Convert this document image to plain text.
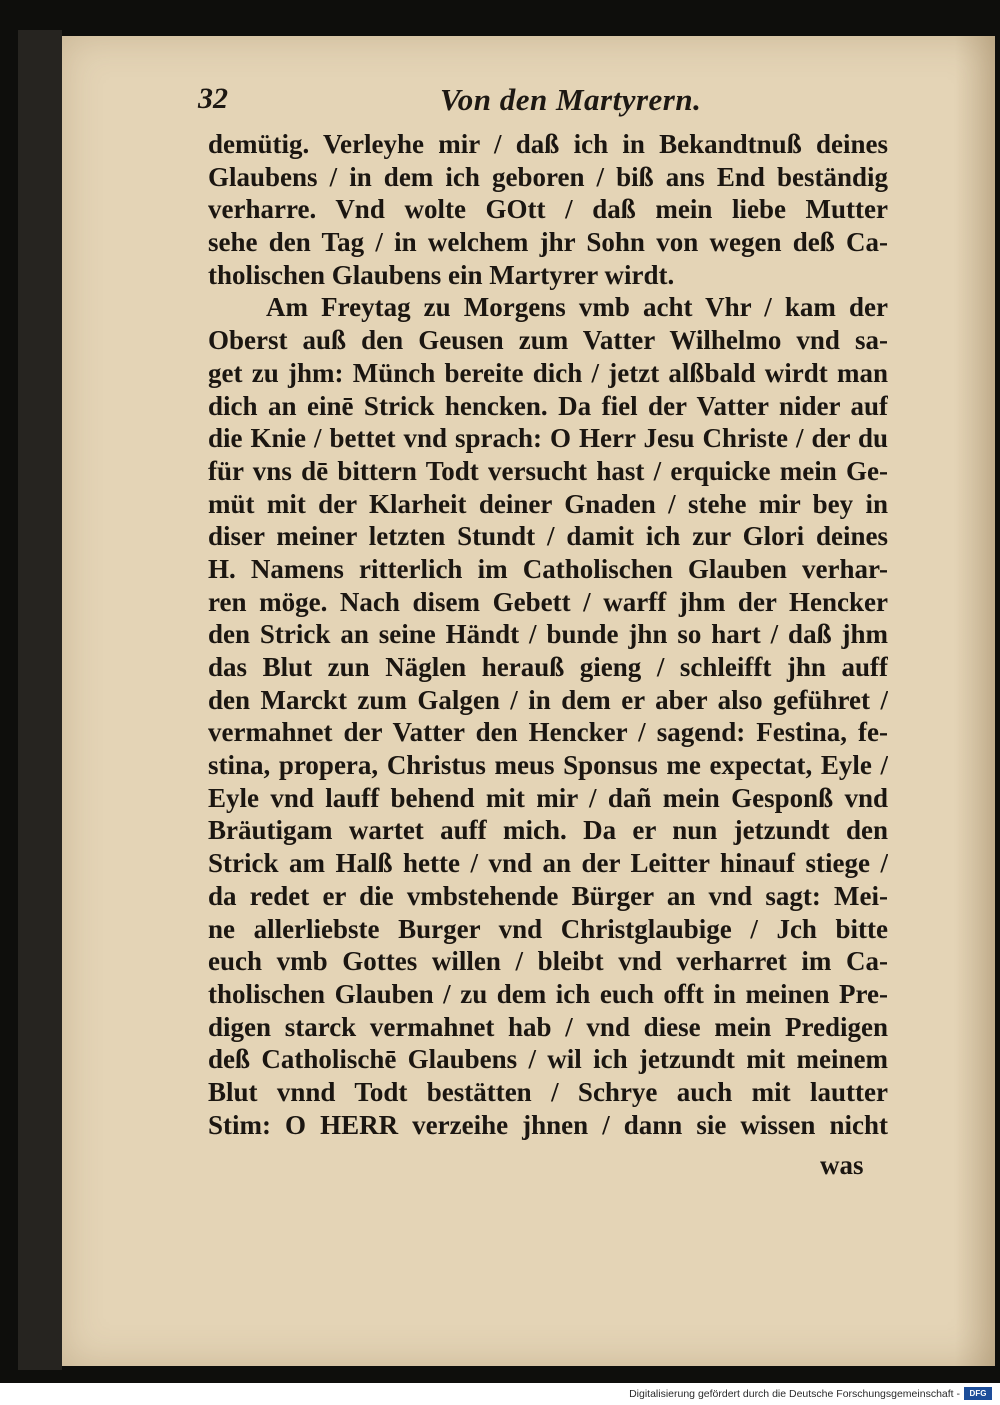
32	Von den Martyrern.
demütig. Verleyhe mir / daß ich in Bekandtnuß deines
Glaubens / in dem ich geboren / biß ans End beständig
verharre. Vnd wolte GOtt / daß mein liebe Mutter
sehe den Tag / in welchem jhr Sohn von wegen deß Ca-
tholischen Glaubens ein Martyrer wirdt.
Am Freytag zu Morgens vmb acht Vhr / kam der
Oberst auß den Geusen zum Vatter Wilhelmo vnd sa-
get zu jhm: Münch bereite dich / jetzt alßbald wirdt man
dich an einē Strick hencken. Da fiel der Vatter nider auf
die Knie / bettet vnd sprach: O Herr Jesu Christe / der du
für vns dē bittern Todt versucht hast / erquicke mein Ge-
müt mit der Klarheit deiner Gnaden / stehe mir bey in
diser meiner letzten Stundt / damit ich zur Glori deines
H. Namens ritterlich im Catholischen Glauben verhar-
ren möge. Nach disem Gebett / warff jhm der Hencker
den Strick an seine Händt / bunde jhn so hart / daß jhm
das Blut zun Näglen herauß gieng / schleifft jhn auff
den Marckt zum Galgen / in dem er aber also geführet /
vermahnet der Vatter den Hencker / sagend: Festina, fe-
stina, propera, Christus meus Sponsus me expectat, Eyle /
Eyle vnd lauff behend mit mir / dañ mein Gesponß vnd
Bräutigam wartet auff mich. Da er nun jetzundt den
Strick am Halß hette / vnd an der Leitter hinauf stiege /
da redet er die vmbstehende Bürger an vnd sagt: Mei-
ne allerliebste Burger vnd Christglaubige / Jch bitte
euch vmb Gottes willen / bleibt vnd verharret im Ca-
tholischen Glauben / zu dem ich euch offt in meinen Pre-
digen starck vermahnet hab / vnd diese mein Predigen
deß Catholischē Glaubens / wil ich jetzundt mit meinem
Blut vnnd Todt bestätten / Schrye auch mit lautter
Stim: O HERR verzeihe jhnen / dann sie wissen nicht
was
Digitalisierung gefördert durch die Deutsche Forschungsgemeinschaft -	DFG
